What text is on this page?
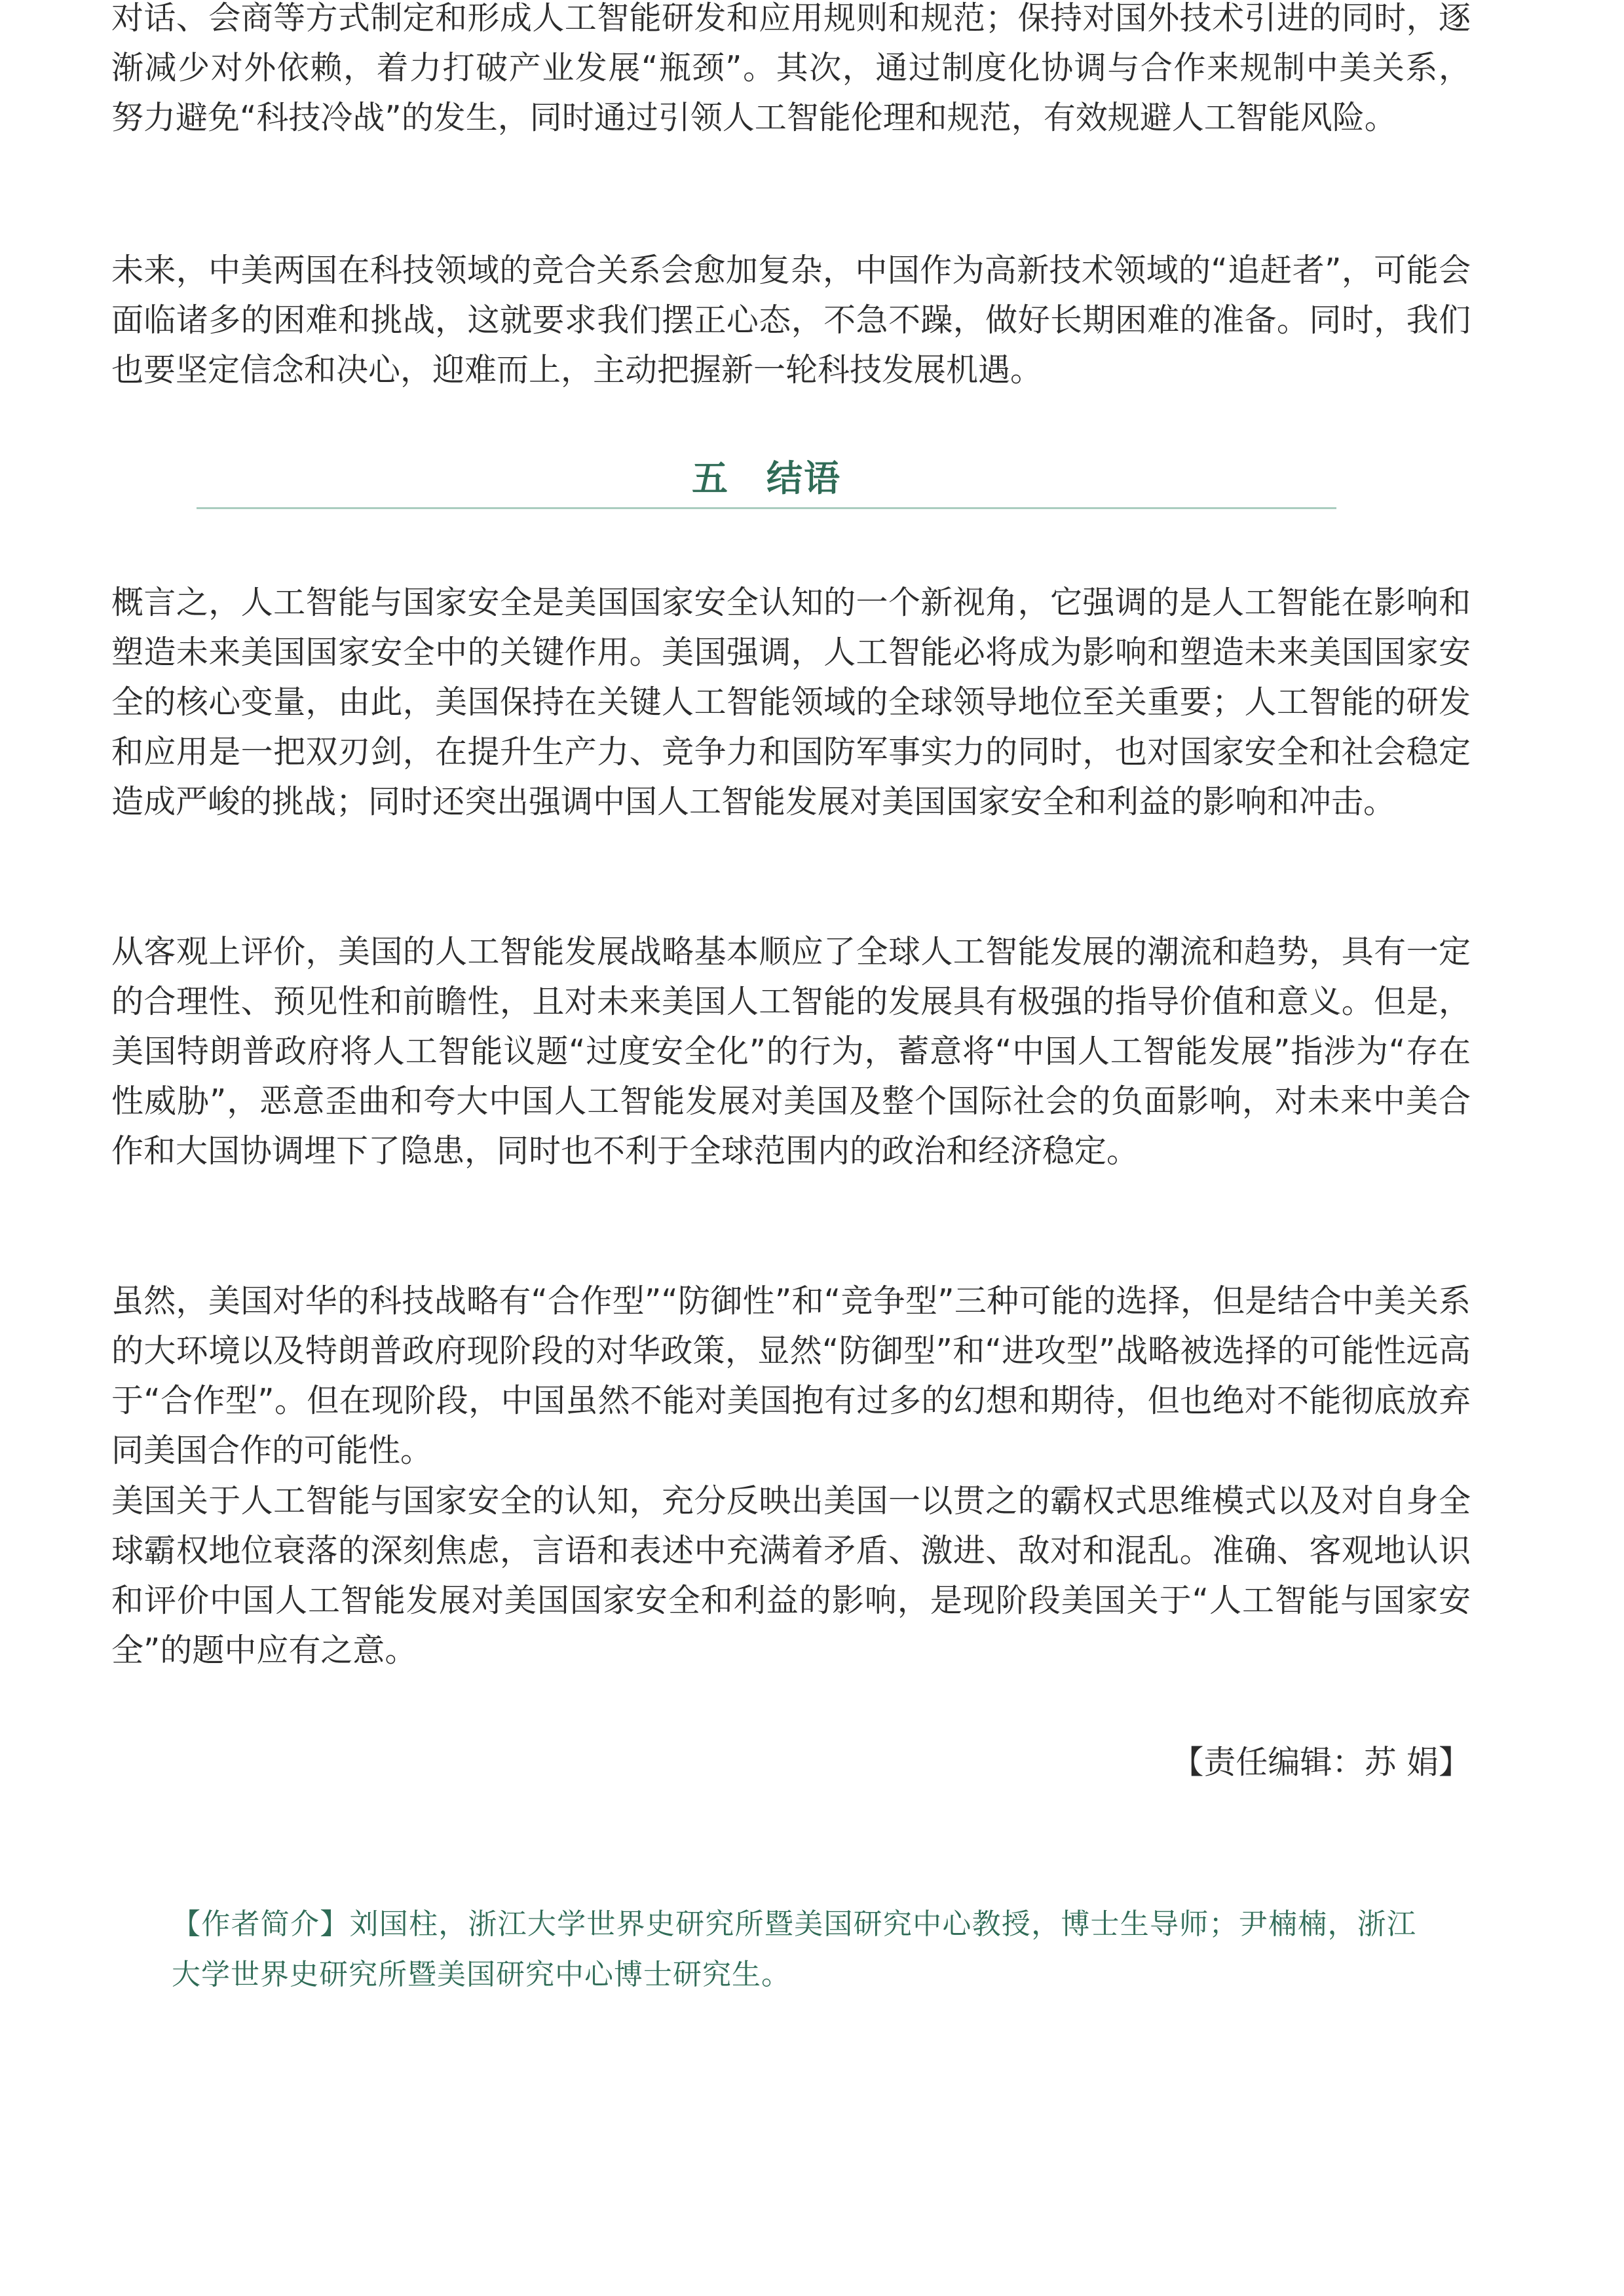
对话、会商等方式制定和形成人工智能研发和应用规则和规范；保持对国外技术引进的同时，逐渐减少对外依赖，着力打破产业发展“瓶颈”。其次，通过制度化协调与合作来规制中美关系， 努力避免“科技冷战”的发生，同时通过引领人工智能伦理和规范，有效规避人工智能风险。

未来，中美两国在科技领域的竞合关系会愈加复杂，中国作为高新技术领域的“追赶者”，可能会面临诸多的困难和挑战，这就要求我们摆正心态，不急不躁，做好长期困难的准备。同时，我们也要坚定信念和决心，迎难而上，主动把握新一轮科技发展机遇。

五　结语

概言之，人工智能与国家安全是美国国家安全认知的一个新视角，它强调的是人工智能在影响和塑造未来美国国家安全中的关键作用。美国强调，人工智能必将成为影响和塑造未来美国国家安全的核心变量，由此，美国保持在关键人工智能领域的全球领导地位至关重要；人工智能的研发和应用是一把双刃剑，在提升生产力、竞争力和国防军事实力的同时，也对国家安全和社会稳定造成严峻的挑战；同时还突出强调中国人工智能发展对美国国家安全和利益的影响和冲击。

从客观上评价，美国的人工智能发展战略基本顺应了全球人工智能发展的潮流和趋势，具有一定的合理性、预见性和前瞻性，且对未来美国人工智能的发展具有极强的指导价值和意义。但是，美国特朗普政府将人工智能议题“过度安全化”的行为，蓄意将“中国人工智能发展”指涉为“存在性威胁”，恶意歪曲和夸大中国人工智能发展对美国及整个国际社会的负面影响，对未来中美合作和大国协调埋下了隐患，同时也不利于全球范围内的政治和经济稳定。

虽然，美国对华的科技战略有“合作型”“防御性”和“竞争型”三种可能的选择，但是结合中美关系的大环境以及特朗普政府现阶段的对华政策，显然“防御型”和“进攻型”战略被选择的可能性远高于“合作型”。但在现阶段，中国虽然不能对美国抱有过多的幻想和期待，但也绝对不能彻底放弃同美国合作的可能性。

美国关于人工智能与国家安全的认知，充分反映出美国一以贯之的霸权式思维模式以及对自身全球霸权地位衰落的深刻焦虑，言语和表述中充满着矛盾、激进、敌对和混乱。准确、客观地认识和评价中国人工智能发展对美国国家安全和利益的影响，是现阶段美国关于“人工智能与国家安全”的题中应有之意。

【责任编辑：苏 娟】

【作者简介】刘国柱，浙江大学世界史研究所暨美国研究中心教授，博士生导师；尹楠楠，浙江大学世界史研究所暨美国研究中心博士研究生。
